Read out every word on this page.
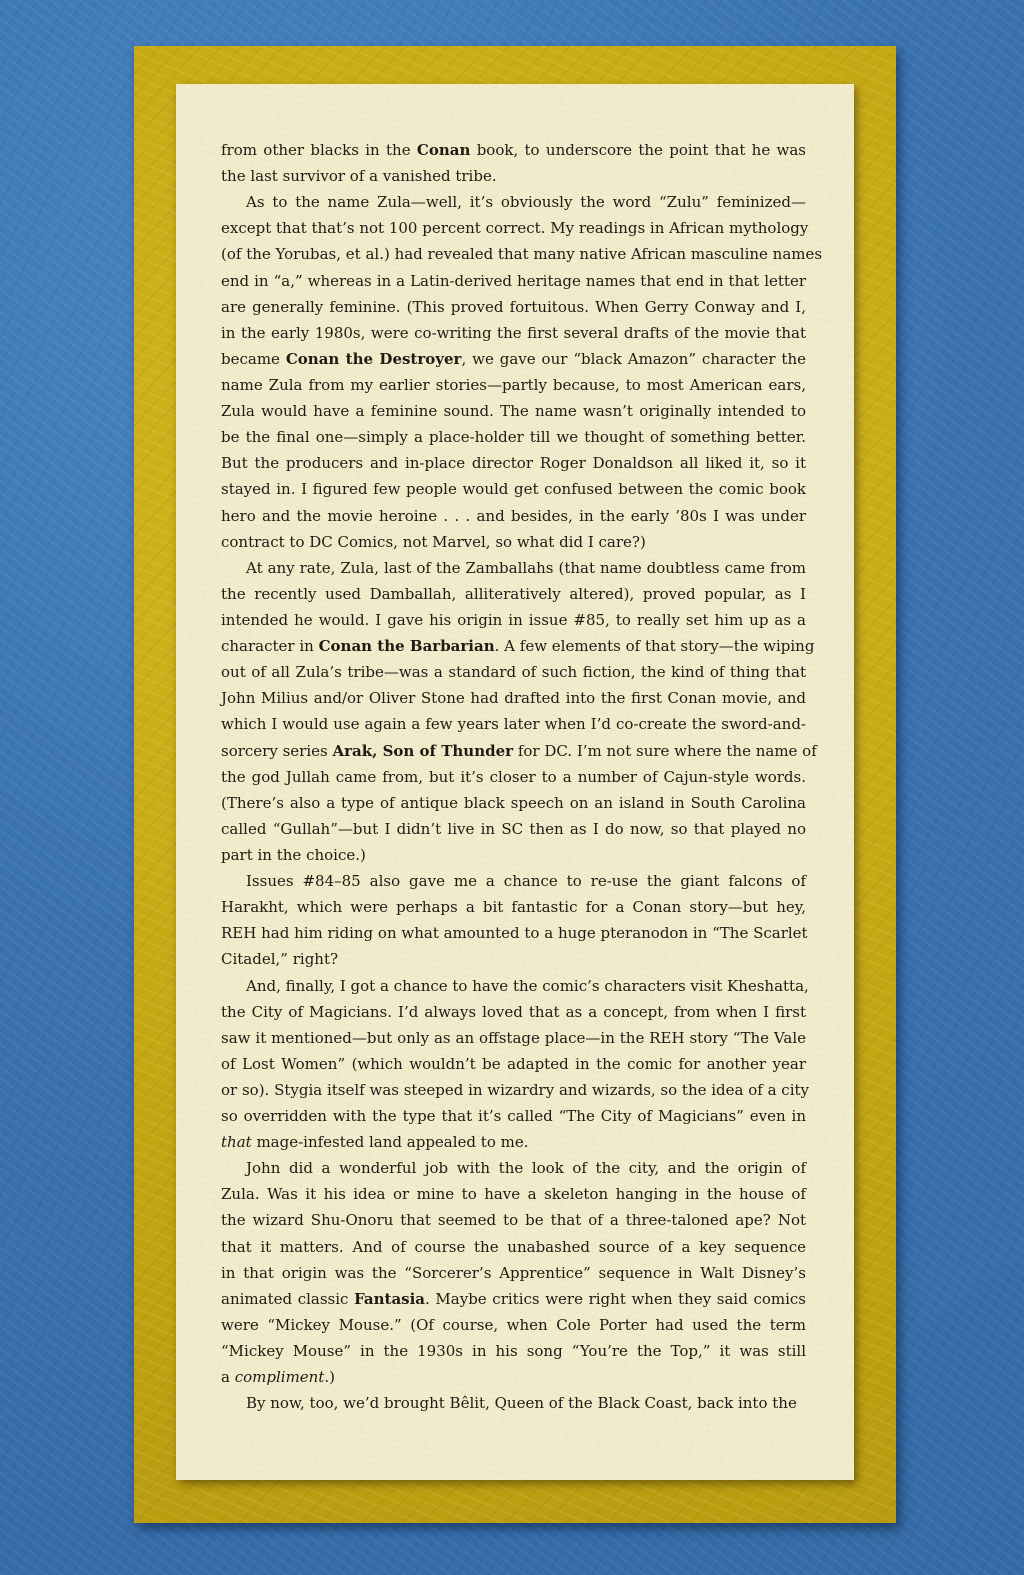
from other blacks in the Conan book, to underscore the point that he was
the last survivor of a vanished tribe.
As to the name Zula—well, it’s obviously the word “Zulu” feminized—
except that that’s not 100 percent correct. My readings in African mythology
(of the Yorubas, et al.) had revealed that many native African masculine names
end in “a,” whereas in a Latin-derived heritage names that end in that letter
are generally feminine. (This proved fortuitous. When Gerry Conway and I,
in the early 1980s, were co-writing the first several drafts of the movie that
became Conan the Destroyer, we gave our “black Amazon” character the
name Zula from my earlier stories—partly because, to most American ears,
Zula would have a feminine sound. The name wasn’t originally intended to
be the final one—simply a place-holder till we thought of something better.
But the producers and in-place director Roger Donaldson all liked it, so it
stayed in. I figured few people would get confused between the comic book
hero and the movie heroine . . . and besides, in the early ’80s I was under
contract to DC Comics, not Marvel, so what did I care?)
At any rate, Zula, last of the Zamballahs (that name doubtless came from
the recently used Damballah, alliteratively altered), proved popular, as I
intended he would. I gave his origin in issue #85, to really set him up as a
character in Conan the Barbarian. A few elements of that story—the wiping
out of all Zula’s tribe—was a standard of such fiction, the kind of thing that
John Milius and/or Oliver Stone had drafted into the first Conan movie, and
which I would use again a few years later when I’d co-create the sword-and-
sorcery series Arak, Son of Thunder for DC. I’m not sure where the name of
the god Jullah came from, but it’s closer to a number of Cajun-style words.
(There’s also a type of antique black speech on an island in South Carolina
called “Gullah”—but I didn’t live in SC then as I do now, so that played no
part in the choice.)
Issues #84–85 also gave me a chance to re-use the giant falcons of
Harakht, which were perhaps a bit fantastic for a Conan story—but hey,
REH had him riding on what amounted to a huge pteranodon in “The Scarlet
Citadel,” right?
And, finally, I got a chance to have the comic’s characters visit Kheshatta,
the City of Magicians. I’d always loved that as a concept, from when I first
saw it mentioned—but only as an offstage place—in the REH story “The Vale
of Lost Women” (which wouldn’t be adapted in the comic for another year
or so). Stygia itself was steeped in wizardry and wizards, so the idea of a city
so overridden with the type that it’s called “The City of Magicians” even in
that mage-infested land appealed to me.
John did a wonderful job with the look of the city, and the origin of
Zula. Was it his idea or mine to have a skeleton hanging in the house of
the wizard Shu-Onoru that seemed to be that of a three-taloned ape? Not
that it matters. And of course the unabashed source of a key sequence
in that origin was the “Sorcerer’s Apprentice” sequence in Walt Disney’s
animated classic Fantasia. Maybe critics were right when they said comics
were “Mickey Mouse.” (Of course, when Cole Porter had used the term
“Mickey Mouse” in the 1930s in his song “You’re the Top,” it was still
a compliment.)
By now, too, we’d brought Bêlit, Queen of the Black Coast, back into the
